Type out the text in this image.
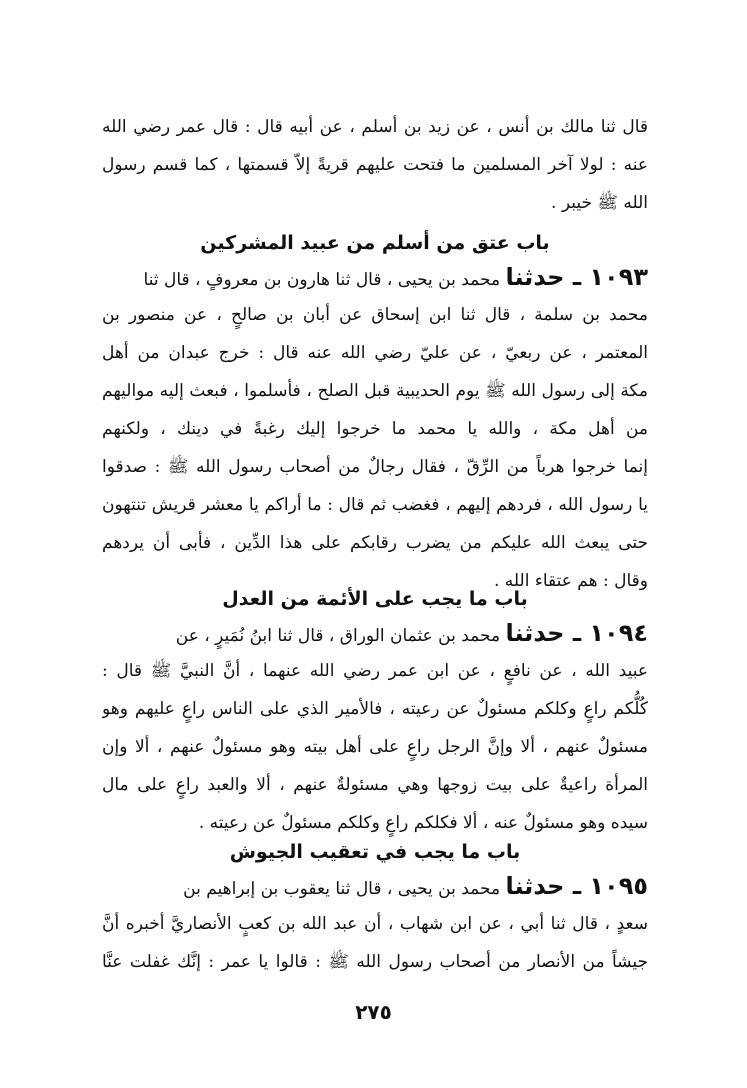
قال ثنا مالك بن أنس ، عن زيد بن أسلم ، عن أبيه قال : قال عمر رضي الله
عنه : لولا آخر المسلمين ما فتحت عليهم قريةً إلاّ قسمتها ، كما قسم رسول
الله ﷺ خيبر .
باب عتق من أسلم من عبيد المشركين
١٠٩٣ ـ حدثنا محمد بن يحيى ، قال ثنا هارون بن معروفٍ ، قال ثنا
محمد بن سلمة ، قال ثنا ابن إسحاق عن أبان بن صالحٍ ، عن منصور بن
المعتمر ، عن ربعيّ ، عن عليّ رضي الله عنه قال : خرج عبدان من أهل
مكة إلى رسول الله ﷺ يوم الحديبية قبل الصلح ، فأسلموا ، فبعث إليه مواليهم
من أهل مكة ، والله يا محمد ما خرجوا إليك رغبةً في دينك ، ولكنهم
إنما خرجوا هرباً من الرِّقّ ، فقال رجالٌ من أصحاب رسول الله ﷺ : صدقوا
يا رسول الله ، فردهم إليهم ، فغضب ثم قال : ما أراكم يا معشر قريش تنتهون
حتى يبعث الله عليكم من يضرب رقابكم على هذا الدِّين ، فأبى أن يردهم
وقال : هم عتقاء الله .
باب ما يجب على الأئمة من العدل
١٠٩٤ ـ حدثنا محمد بن عثمان الوراق ، قال ثنا ابنُ نُمَيرٍ ، عن
عبيد الله ، عن نافعٍ ، عن ابن عمر رضي الله عنهما ، أنَّ النبيَّ ﷺ قال :
كُلُّكم راعٍ وكلكم مسئولٌ عن رعيته ، فالأمير الذي على الناس راعٍ عليهم وهو
مسئولٌ عنهم ، ألا وإنَّ الرجل راعٍ على أهل بيته وهو مسئولٌ عنهم ، ألا وإن
المرأة راعيةٌ على بيت زوجها وهي مسئولةٌ عنهم ، ألا والعبد راعٍ على مال
سيده وهو مسئولٌ عنه ، ألا فكلكم راعٍ وكلكم مسئولٌ عن رعيته .
باب ما يجب في تعقيب الجيوش
١٠٩٥ ـ حدثنا محمد بن يحيى ، قال ثنا يعقوب بن إبراهيم بن
سعدٍ ، قال ثنا أبي ، عن ابن شهاب ، أن عبد الله بن كعبٍ الأنصاريَّ أخبره أنَّ
جيشاً من الأنصار من أصحاب رسول الله ﷺ : قالوا يا عمر : إنَّك غفلت عنَّا
٢٧٥
